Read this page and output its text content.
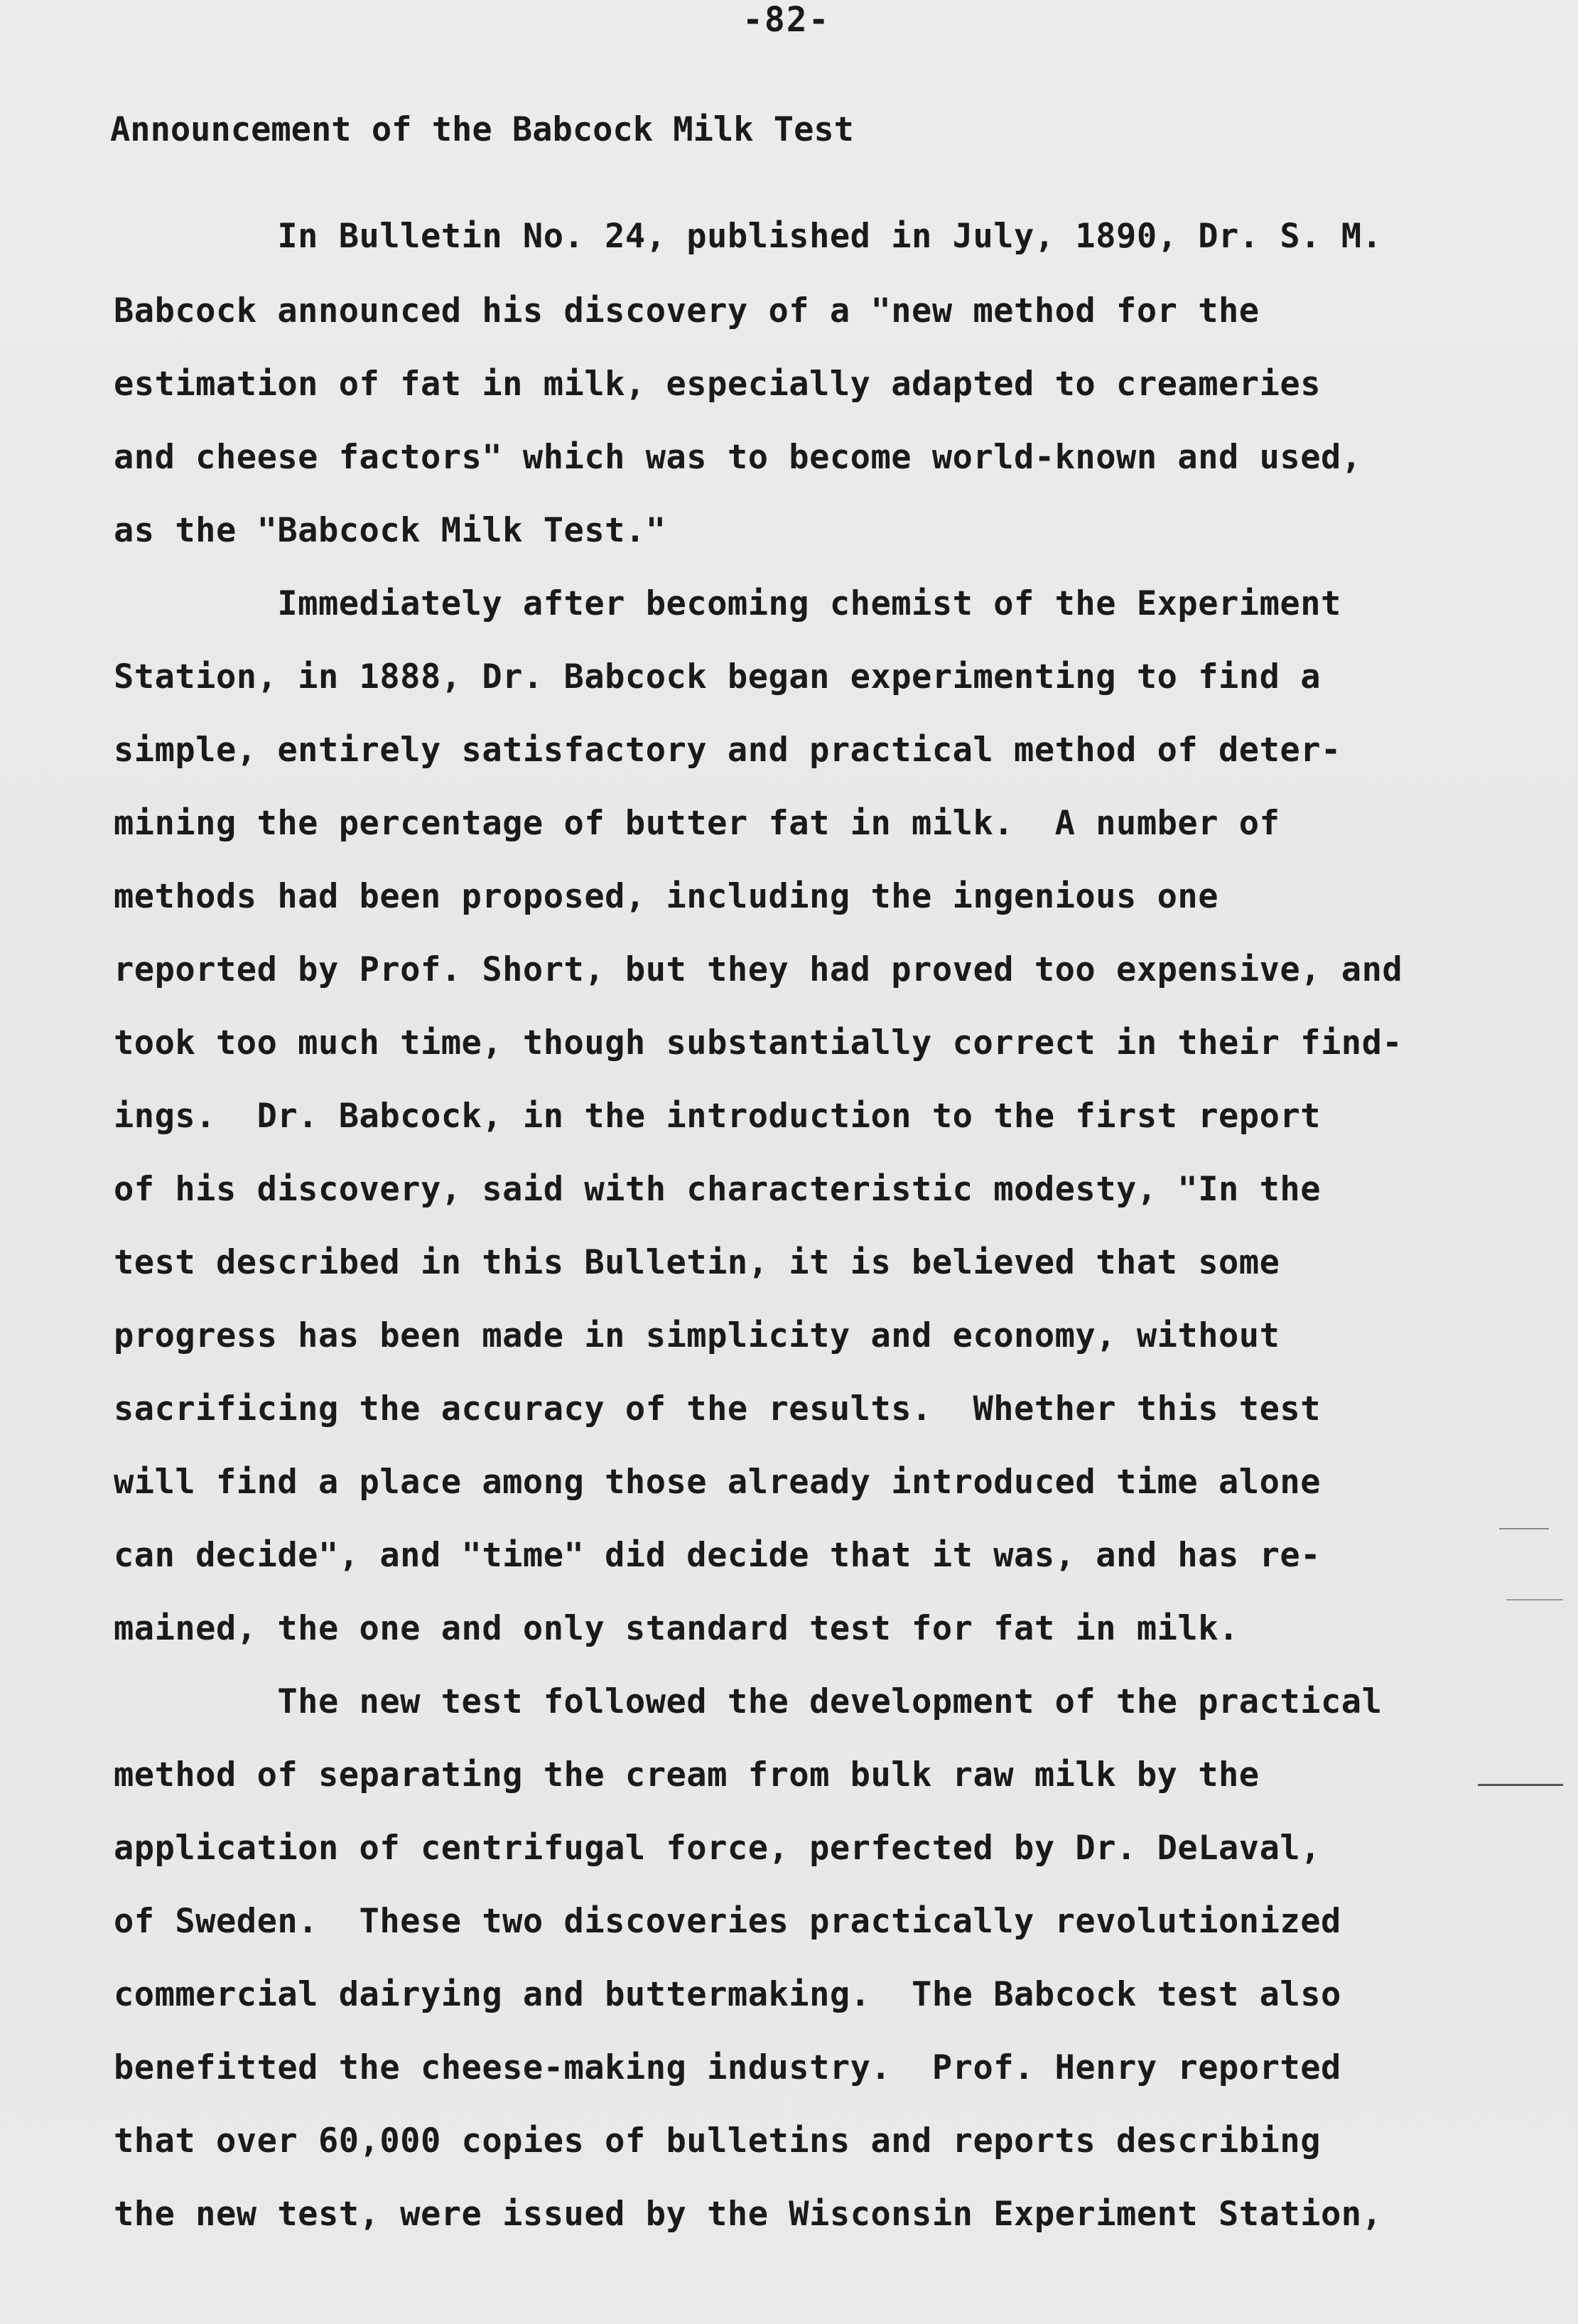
-82-
Announcement of the Babcock Milk Test
In Bulletin No. 24, published in July, 1890, Dr. S. M.
Babcock announced his discovery of a "new method for the
estimation of fat in milk, especially adapted to creameries
and cheese factors" which was to become world-known and used,
as the "Babcock Milk Test."
Immediately after becoming chemist of the Experiment
Station, in 1888, Dr. Babcock began experimenting to find a
simple, entirely satisfactory and practical method of deter-
mining the percentage of butter fat in milk.  A number of
methods had been proposed, including the ingenious one
reported by Prof. Short, but they had proved too expensive, and
took too much time, though substantially correct in their find-
ings.  Dr. Babcock, in the introduction to the first report
of his discovery, said with characteristic modesty, "In the
test described in this Bulletin, it is believed that some
progress has been made in simplicity and economy, without
sacrificing the accuracy of the results.  Whether this test
will find a place among those already introduced time alone
can decide", and "time" did decide that it was, and has re-
mained, the one and only standard test for fat in milk.
The new test followed the development of the practical
method of separating the cream from bulk raw milk by the
application of centrifugal force, perfected by Dr. DeLaval,
of Sweden.  These two discoveries practically revolutionized
commercial dairying and buttermaking.  The Babcock test also
benefitted the cheese-making industry.  Prof. Henry reported
that over 60,000 copies of bulletins and reports describing
the new test, were issued by the Wisconsin Experiment Station,
